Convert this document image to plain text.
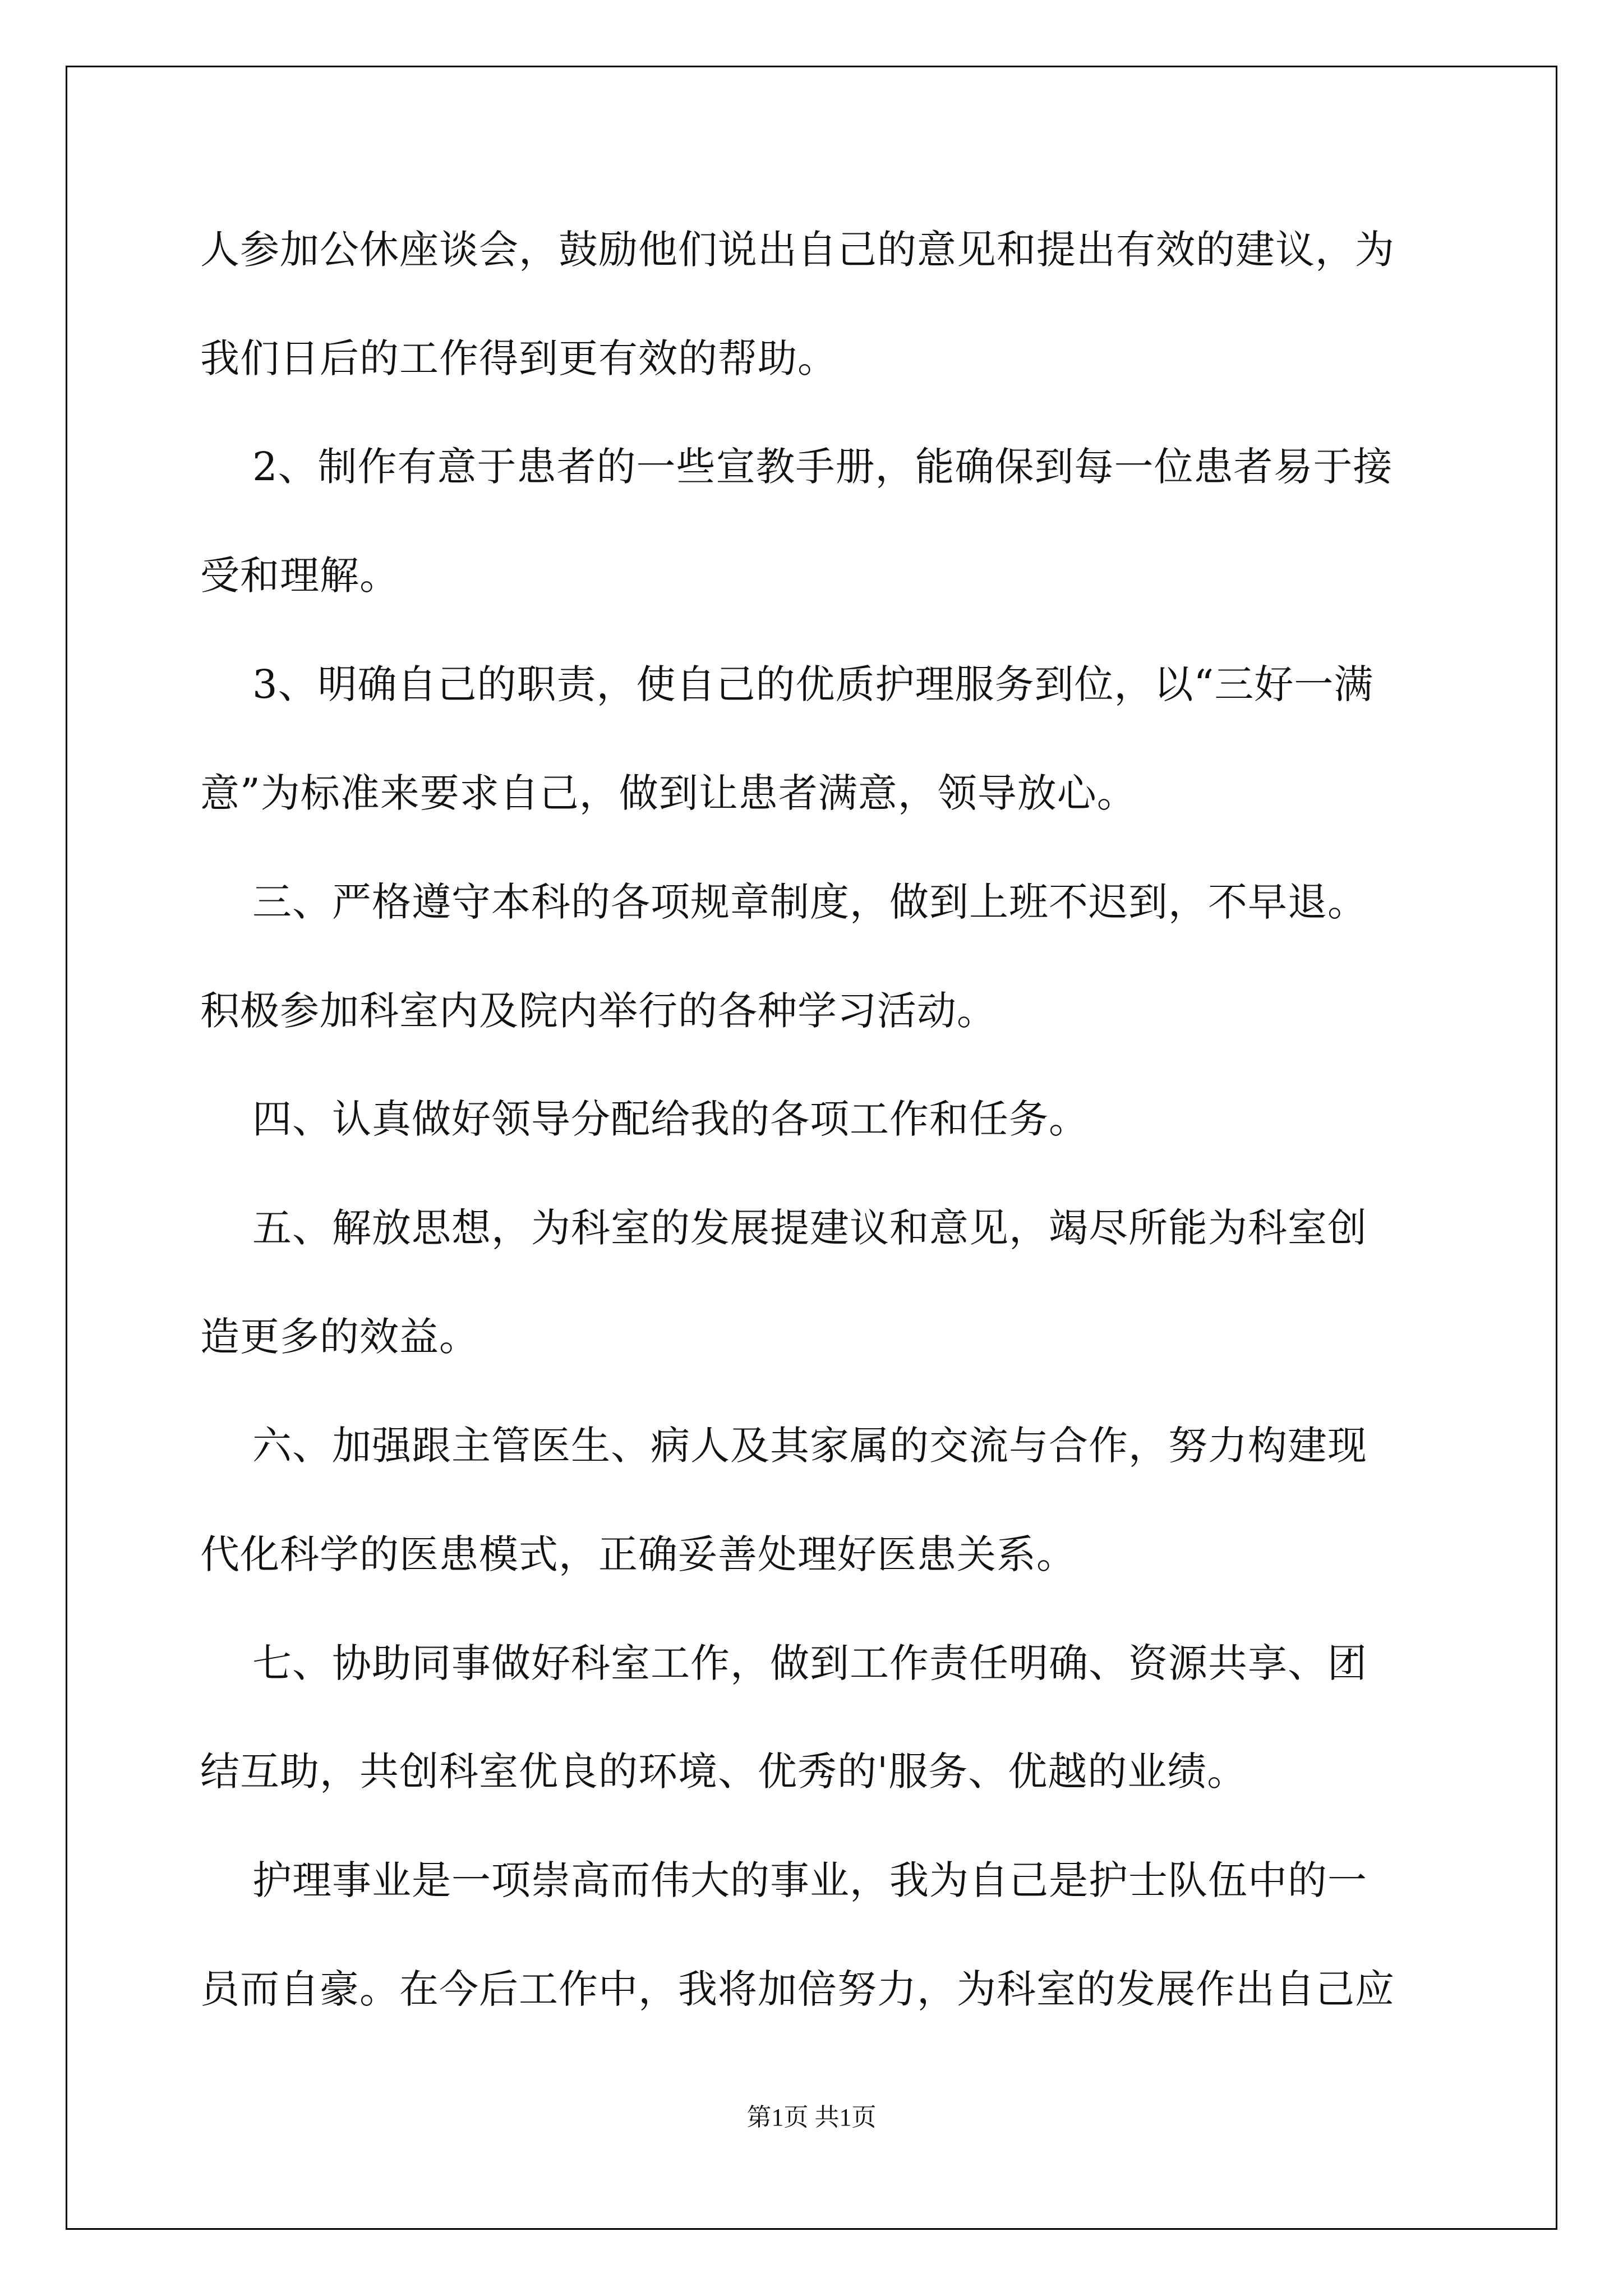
人参加公休座谈会，鼓励他们说出自己的意见和提出有效的建议，为
我们日后的工作得到更有效的帮助。
2、制作有意于患者的一些宣教手册，能确保到每一位患者易于接
受和理解。
3、明确自己的职责，使自己的优质护理服务到位，以“三好一满
意”为标准来要求自己，做到让患者满意，领导放心。
三、严格遵守本科的各项规章制度，做到上班不迟到，不早退。
积极参加科室内及院内举行的各种学习活动。
四、认真做好领导分配给我的各项工作和任务。
五、解放思想，为科室的发展提建议和意见，竭尽所能为科室创
造更多的效益。
六、加强跟主管医生、病人及其家属的交流与合作，努力构建现
代化科学的医患模式，正确妥善处理好医患关系。
七、协助同事做好科室工作，做到工作责任明确、资源共享、团
结互助，共创科室优良的环境、优秀的'服务、优越的业绩。
护理事业是一项崇高而伟大的事业，我为自己是护士队伍中的一
员而自豪。在今后工作中，我将加倍努力，为科室的发展作出自己应
第1页 共1页
